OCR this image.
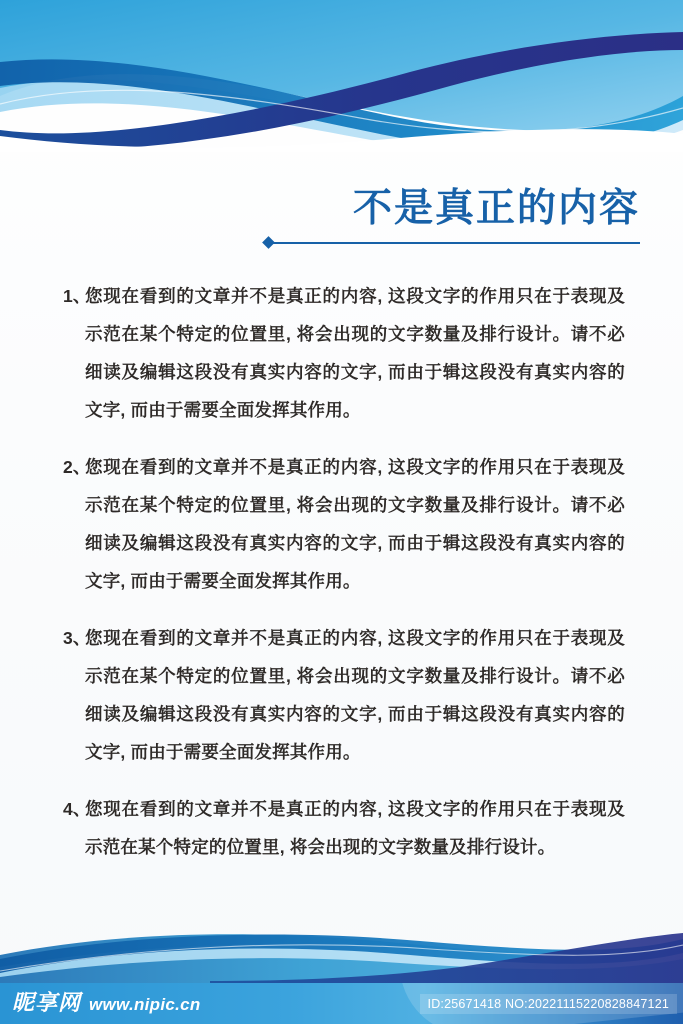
不是真正的内容

1、
您现在看到的文章并不是真正的内容, 这段文字的作用只在于表现及示范在某个特定的位置里, 将会出现的文字数量及排行设计。请不必细读及编辑这段没有真实内容的文字, 而由于辑这段没有真实内容的文字, 而由于需要全面发挥其作用。

2、
您现在看到的文章并不是真正的内容, 这段文字的作用只在于表现及示范在某个特定的位置里, 将会出现的文字数量及排行设计。请不必细读及编辑这段没有真实内容的文字, 而由于辑这段没有真实内容的文字, 而由于需要全面发挥其作用。

3、
您现在看到的文章并不是真正的内容, 这段文字的作用只在于表现及示范在某个特定的位置里, 将会出现的文字数量及排行设计。请不必细读及编辑这段没有真实内容的文字, 而由于辑这段没有真实内容的文字, 而由于需要全面发挥其作用。

4、
您现在看到的文章并不是真正的内容, 这段文字的作用只在于表现及示范在某个特定的位置里, 将会出现的文字数量及排行设计。

昵享网 www.nipic.cn	ID:25671418 NO:20221115220828847121
